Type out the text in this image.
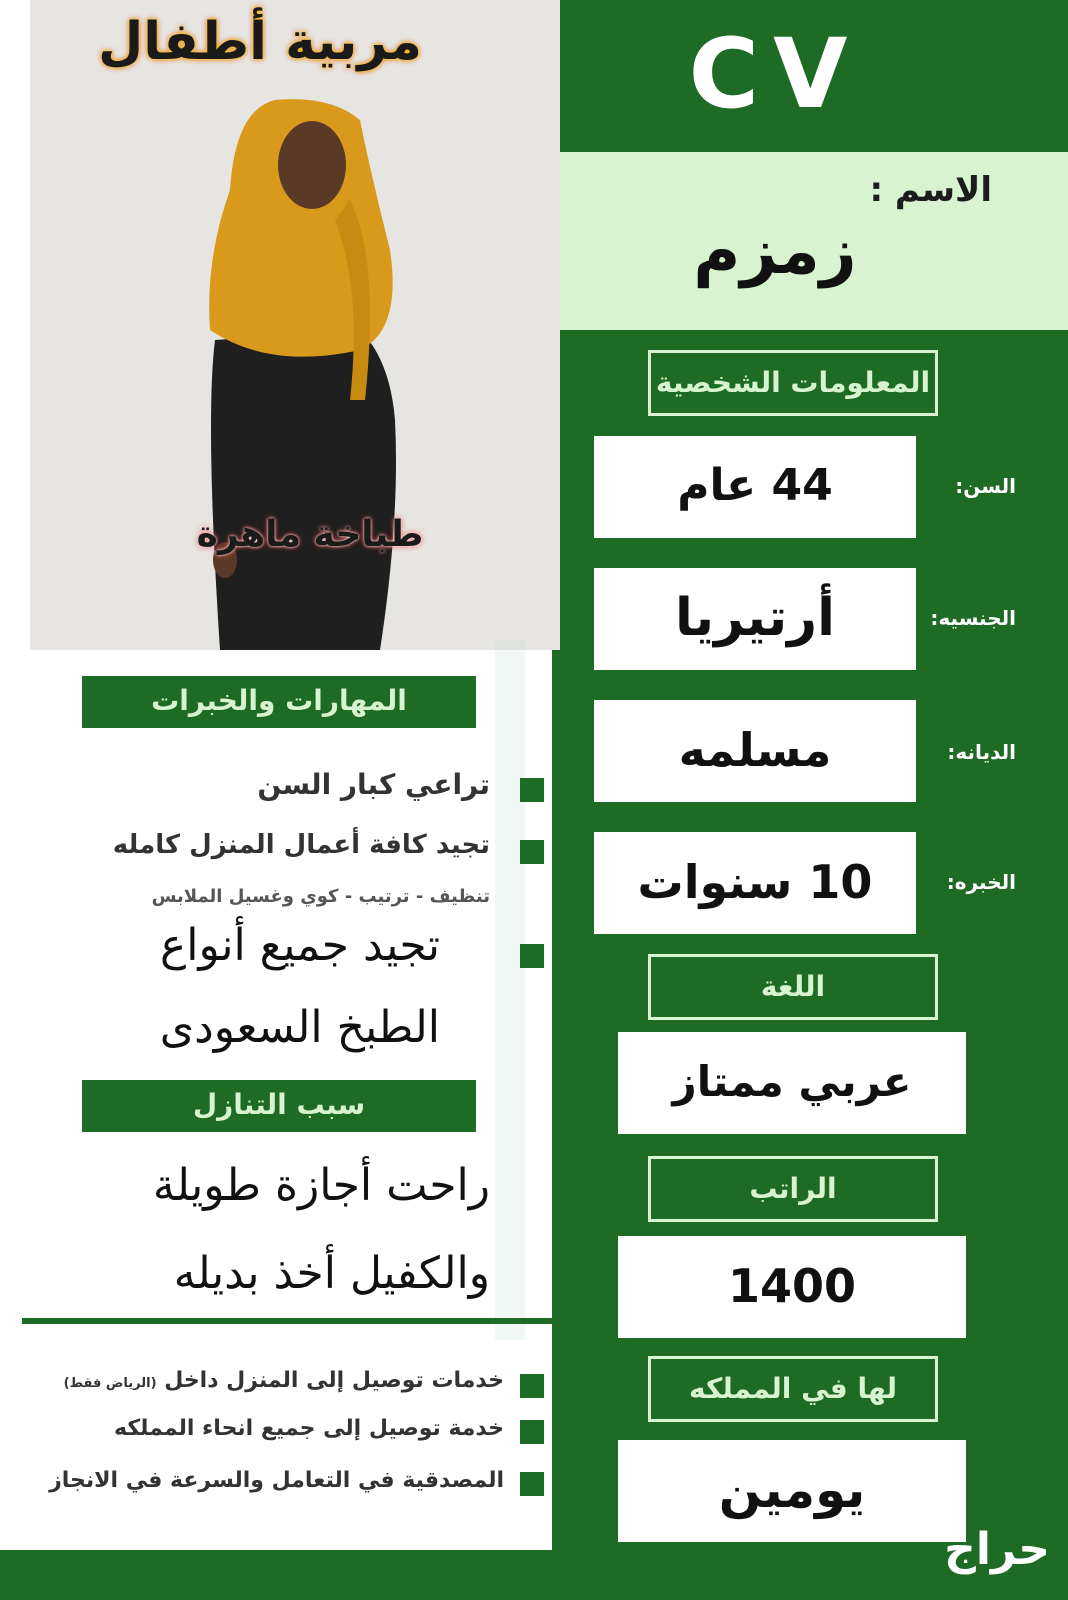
CV
الاسم :
زمزم
المعلومات الشخصية
44 عام	السن:
أرتيريا	الجنسيه:
مسلمه	الديانه:
10 سنوات	الخبره:
اللغة
عربي ممتاز
الراتب
1400
لها في المملكه
يومين
مربية أطفال
طباخة ماهرة
المهارات والخبرات
تراعي كبار السن
تجيد كافة أعمال المنزل كامله
تنظيف - ترتيب - كوي وغسيل الملابس
تجيد جميع أنواع
الطبخ السعودى
سبب التنازل
راحت أجازة طويلة
والكفيل أخذ بديله
خدمات توصيل إلى المنزل داخل (الرياض فقط)
خدمة توصيل إلى جميع انحاء المملكه
المصدقية في التعامل والسرعة في الانجاز
حراج
